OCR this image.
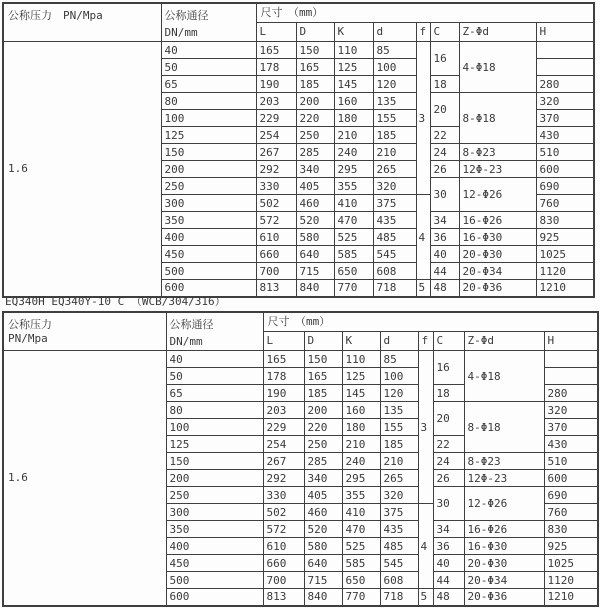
公称压力　PN/Mpa	公称通径
DN/mm	尺寸　（mm）							
		L	D	K	d	f	C	Z-Φd	H
1.6	40	165	150	110	85	3	16	4-Φ18	
	50	178	165	125	100				
	65	190	185	145	120		18		280
	80	203	200	160	135		20	8-Φ18	320
	100	229	220	180	155				370
	125	254	250	210	185		22		430
	150	267	285	240	210		24	8-Φ23	510
	200	292	340	295	265		26	12Φ-23	600
	250	330	405	355	320		30	12-Φ26	690
	300	502	460	410	375	4			760
	350	572	520	470	435		34	16-Φ26	830
	400	610	580	525	485		36	16-Φ30	925
	450	660	640	585	545		40	20-Φ30	1025
	500	700	715	650	608		44	20-Φ34	1120
	600	813	840	770	718	5	48	20-Φ36	1210
EQ340H EQ340Y-10 C （WCB/304/316）
公称压力
PN/Mpa	公称通径
DN/mm	尺寸　（mm）							
		L	D	K	d	f	C	Z-Φd	H
1.6	40	165	150	110	85	3	16	4-Φ18	
	50	178	165	125	100				
	65	190	185	145	120		18		280
	80	203	200	160	135		20	8-Φ18	320
	100	229	220	180	155				370
	125	254	250	210	185		22		430
	150	267	285	240	210		24	8-Φ23	510
	200	292	340	295	265		26	12Φ-23	600
	250	330	405	355	320		30	12-Φ26	690
	300	502	460	410	375	4			760
	350	572	520	470	435		34	16-Φ26	830
	400	610	580	525	485		36	16-Φ30	925
	450	660	640	585	545		40	20-Φ30	1025
	500	700	715	650	608		44	20-Φ34	1120
	600	813	840	770	718	5	48	20-Φ36	1210
